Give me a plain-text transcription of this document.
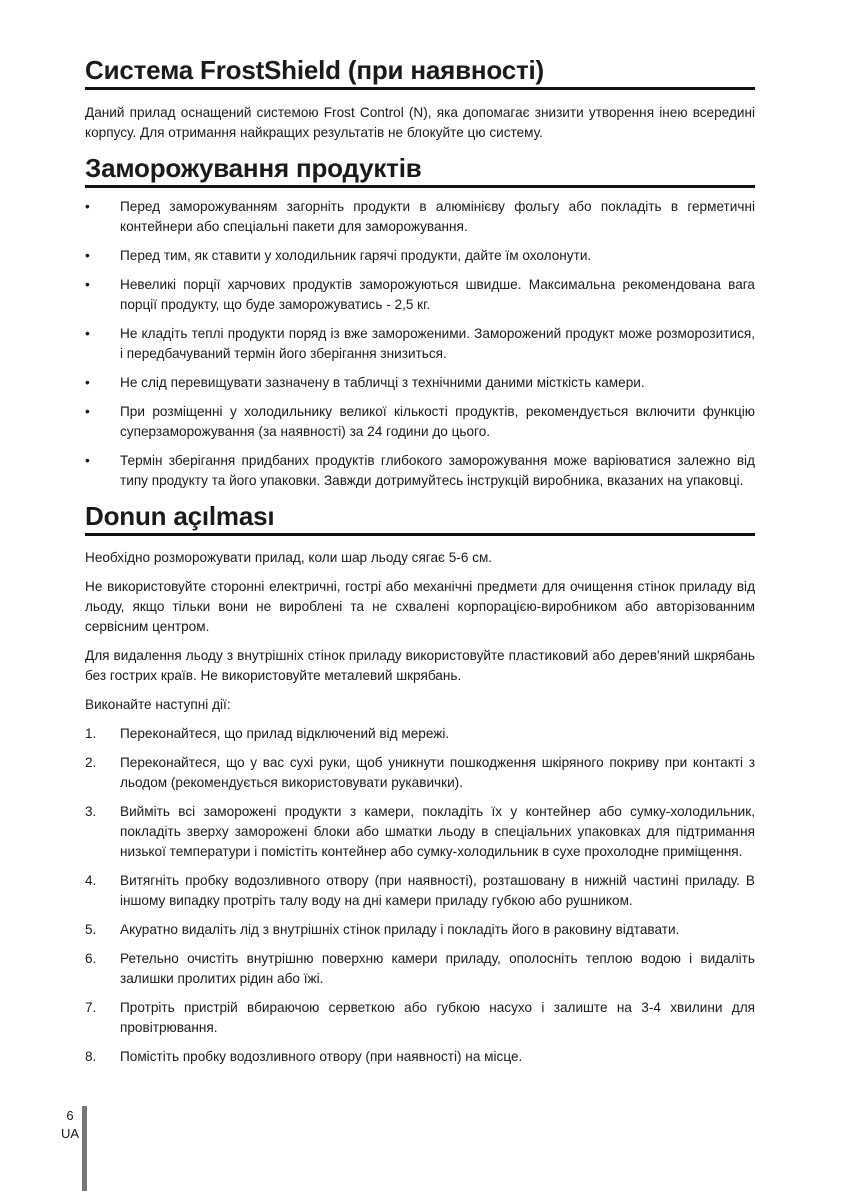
Система FrostShield (при наявності)

Даний прилад оснащений системою Frost Control (N), яка допомагає знизити утворення інею всередині корпусу. Для отримання найкращих результатів не блокуйте цю систему.

Заморожування продуктів
•	Перед заморожуванням загорніть продукти в алюмінієву фольгу або покладіть в герметичні контейнери або спеціальні пакети для заморожування.
•	Перед тим, як ставити у холодильник гарячі продукти, дайте їм охолонути.
•	Невеликі порції харчових продуктів заморожуються швидше. Максимальна рекомендована вага порції продукту, що буде заморожуватись - 2,5 кг.
•	Не кладіть теплі продукти поряд із вже замороженими. Заморожений продукт може розморозитися, і передбачуваний термін його зберігання знизиться.
•	Не слід перевищувати зазначену в табличці з технічними даними місткість камери.
•	При розміщенні у холодильнику великої кількості продуктів, рекомендується включити функцію суперзаморожування (за наявності) за 24 години до цього.
•	Термін зберігання придбаних продуктів глибокого заморожування може варіюватися залежно від типу продукту та його упаковки. Завжди дотримуйтесь інструкцій виробника, вказаних на упаковці.
Donun açılması

Необхідно розморожувати прилад, коли шар льоду сягає 5-6 см.

Не використовуйте сторонні електричні, гострі або механічні предмети для очищення стінок приладу від льоду, якщо тільки вони не вироблені та не схвалені корпорацією-виробником або авторізованним сервісним центром.

Для видалення льоду з внутрішніх стінок приладу використовуйте пластиковий або дерев'яний шкрябань без гострих країв. Не використовуйте металевий шкрябань.

Виконайте наступні дії:

1. Переконайтеся, що прилад відключений від мережі.
2. Переконайтеся, що у вас сухі руки, щоб уникнути пошкодження шкіряного покриву при контакті з льодом (рекомендується використовувати рукавички).
3. Вийміть всі заморожені продукти з камери, покладіть їх у контейнер або сумку-холодильник, покладіть зверху заморожені блоки або шматки льоду в спеціальних упаковках для підтримання низької температури і помістіть контейнер або сумку-холодильник в сухе прохолодне приміщення.
4. Витягніть пробку водозливного отвору (при наявності), розташовану в нижній частині приладу. В іншому випадку протріть талу воду на дні камери приладу губкою або рушником.
5. Акуратно видаліть лід з внутрішніх стінок приладу і покладіть його в раковину відтавати.
6. Ретельно очистіть внутрішню поверхню камери приладу, ополосніть теплою водою і видаліть залишки пролитих рідин або їжі.
7. Протріть пристрій вбираючою серветкою або губкою насухо і залиште на 3-4 хвилини для провітрювання.
8. Помістіть пробку водозливного отвору (при наявності) на місце.
6
UA
